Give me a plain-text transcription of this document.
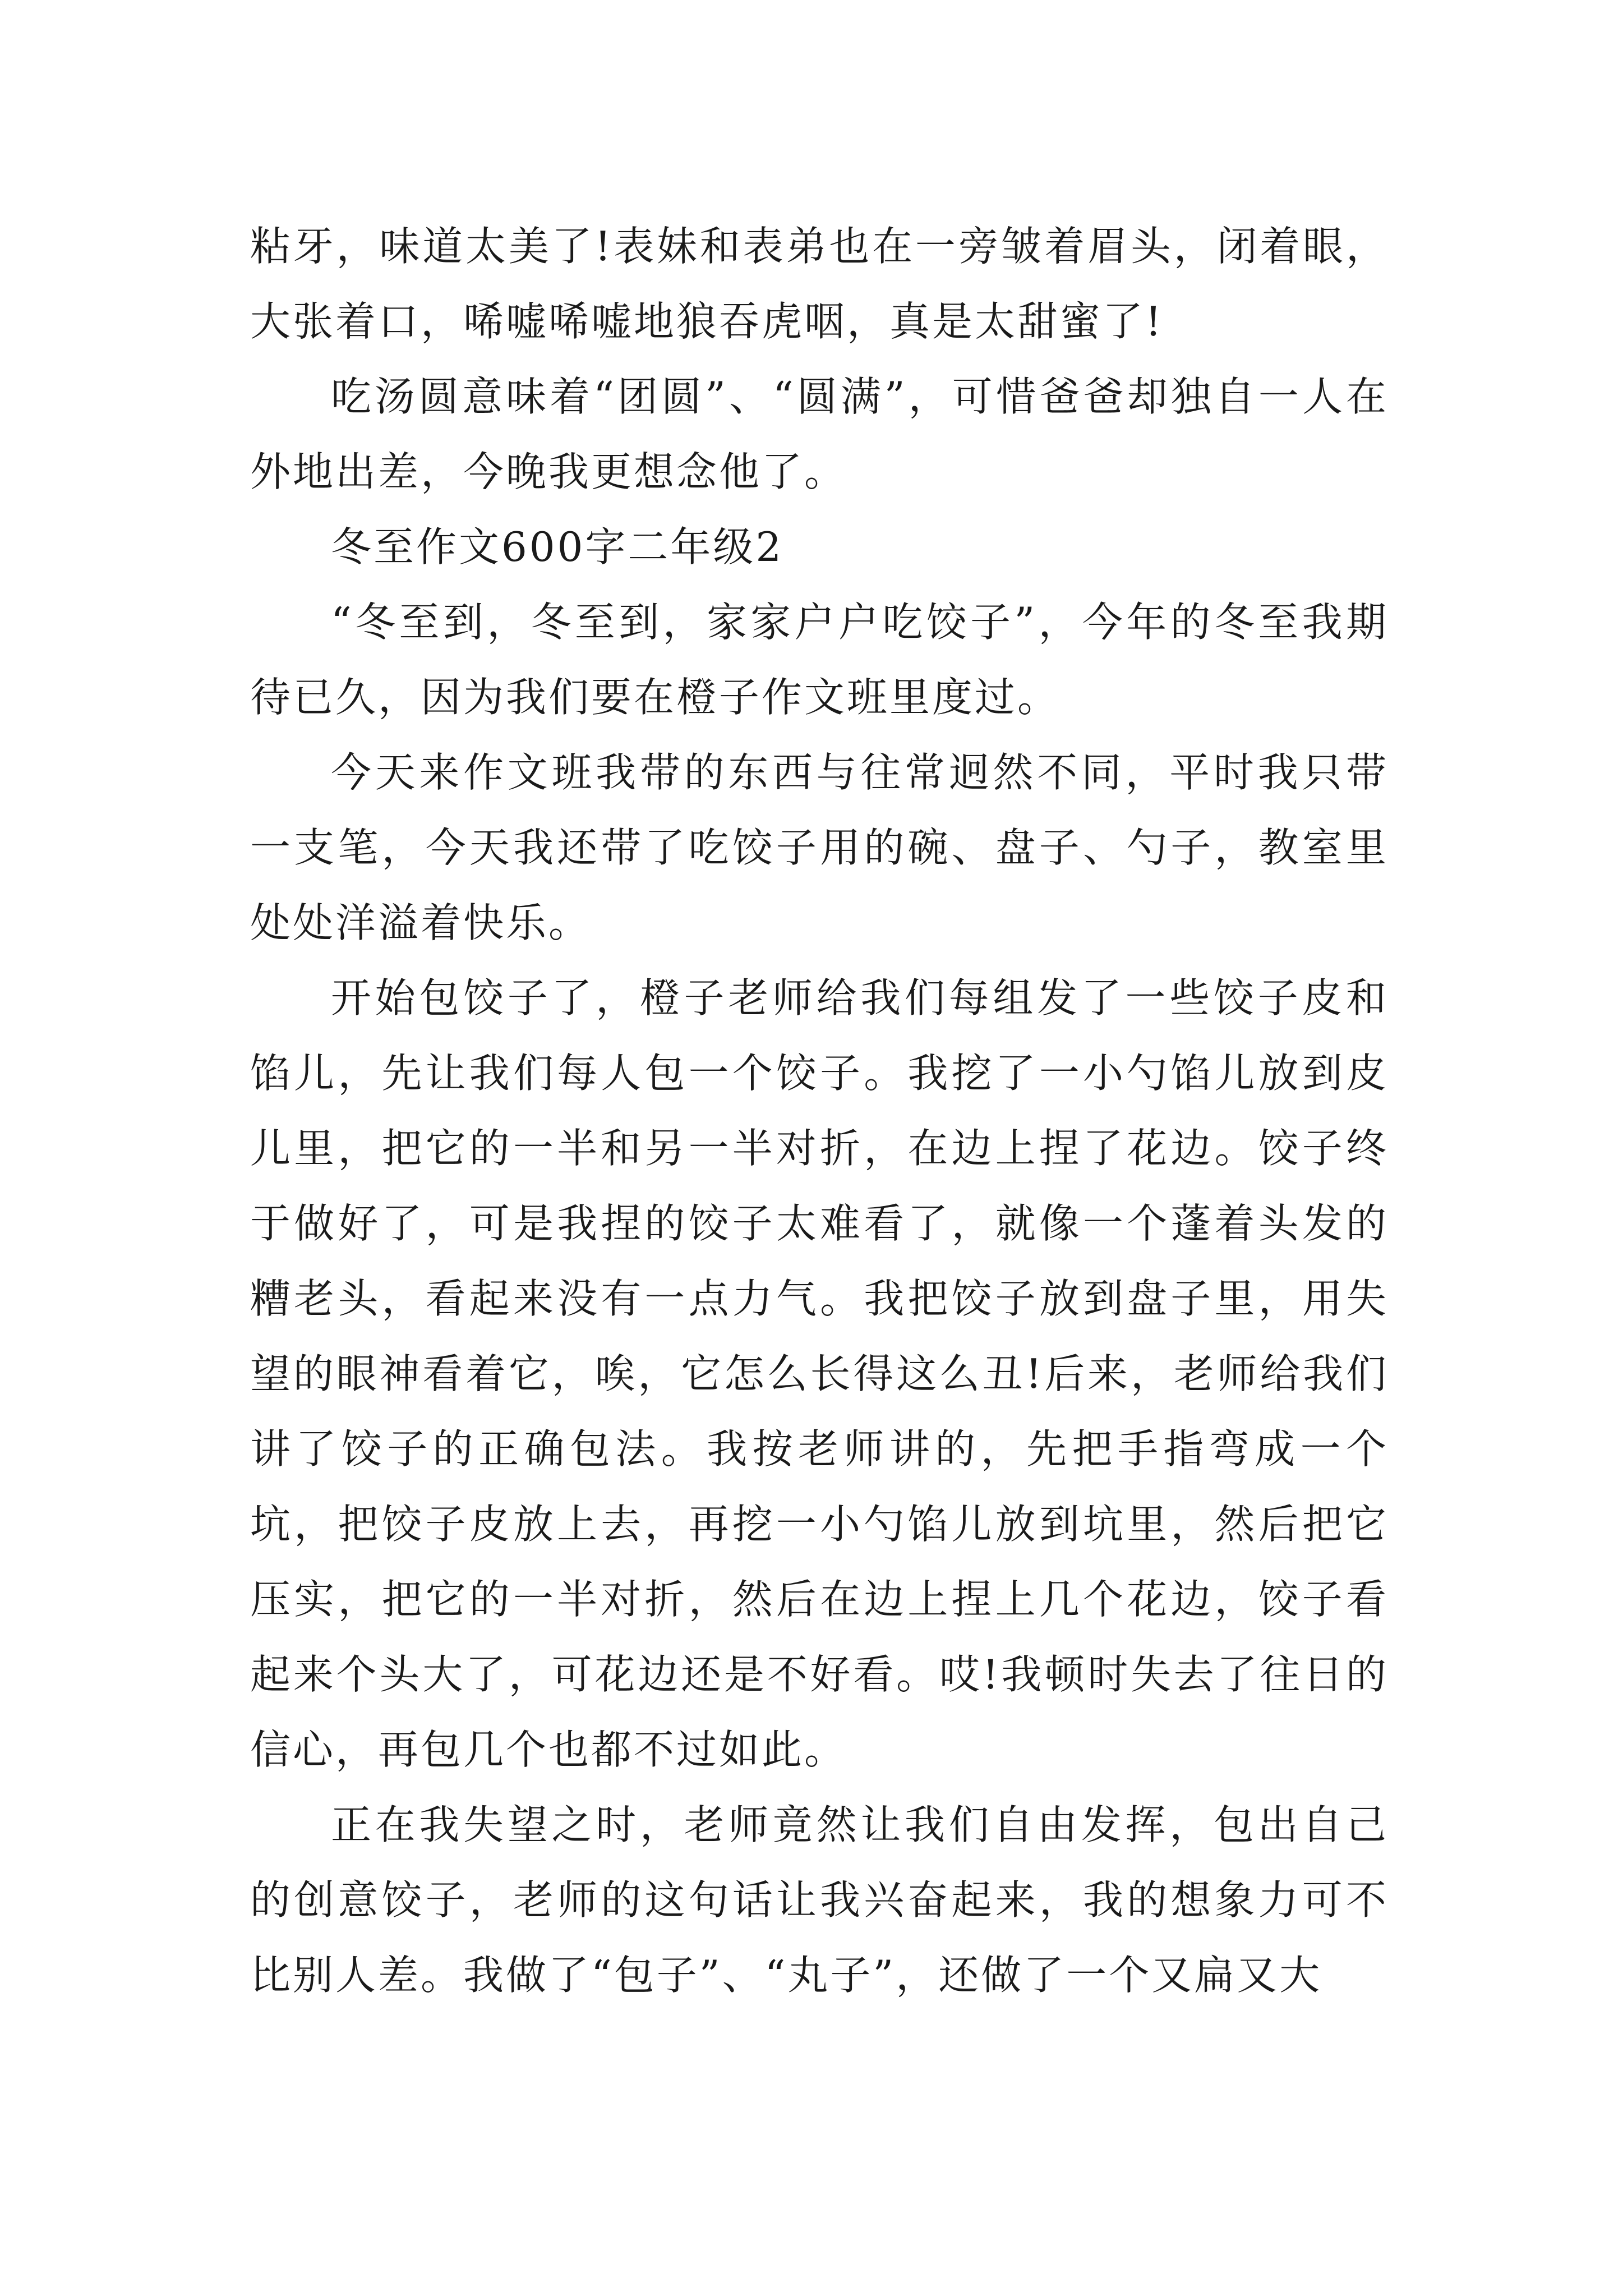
粘牙，味道太美了!表妹和表弟也在一旁皱着眉头，闭着眼，大张着口，唏嘘唏嘘地狼吞虎咽，真是太甜蜜了!

吃汤圆意味着“团圆”、“圆满”，可惜爸爸却独自一人在外地出差，今晚我更想念他了。

冬至作文600字二年级2

“冬至到，冬至到，家家户户吃饺子”，今年的冬至我期待已久，因为我们要在橙子作文班里度过。

今天来作文班我带的东西与往常迥然不同，平时我只带一支笔，今天我还带了吃饺子用的碗、盘子、勺子，教室里处处洋溢着快乐。

开始包饺子了，橙子老师给我们每组发了一些饺子皮和馅儿，先让我们每人包一个饺子。我挖了一小勺馅儿放到皮儿里，把它的一半和另一半对折，在边上捏了花边。饺子终于做好了，可是我捏的饺子太难看了，就像一个蓬着头发的糟老头，看起来没有一点力气。我把饺子放到盘子里，用失望的眼神看着它，唉，它怎么长得这么丑!后来，老师给我们讲了饺子的正确包法。我按老师讲的，先把手指弯成一个坑，把饺子皮放上去，再挖一小勺馅儿放到坑里，然后把它压实，把它的一半对折，然后在边上捏上几个花边，饺子看起来个头大了，可花边还是不好看。哎!我顿时失去了往日的信心，再包几个也都不过如此。

正在我失望之时，老师竟然让我们自由发挥，包出自己的创意饺子，老师的这句话让我兴奋起来，我的想象力可不比别人差。我做了“包子”、“丸子”，还做了一个又扁又大
